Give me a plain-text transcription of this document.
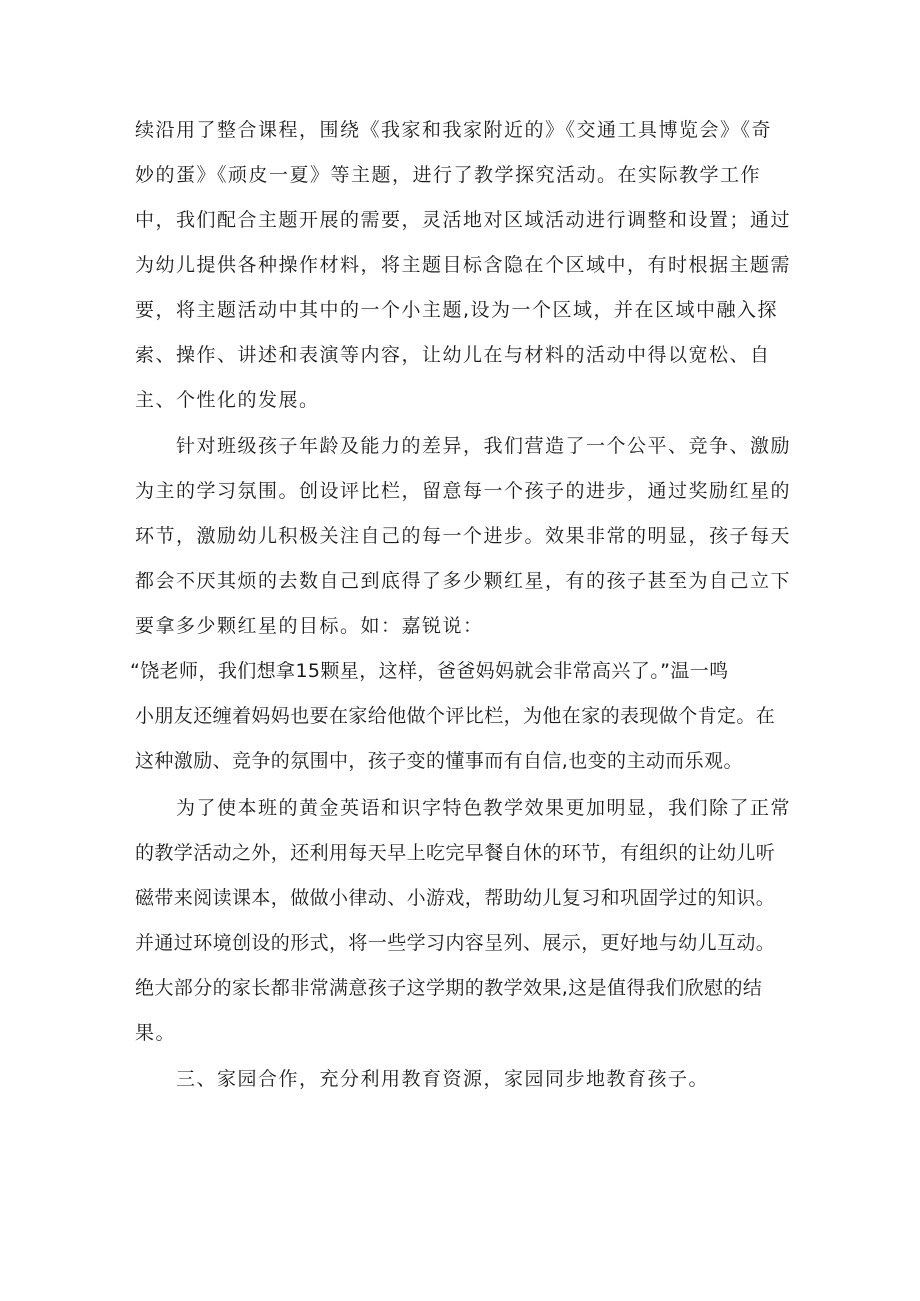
续沿用了整合课程，围绕《我家和我家附近的》《交通工具博览会》《奇
妙的蛋》《顽皮一夏》等主题，进行了教学探究活动。在实际教学工作
中，我们配合主题开展的需要，灵活地对区域活动进行调整和设置；通过
为幼儿提供各种操作材料，将主题目标含隐在个区域中，有时根据主题需
要，将主题活动中其中的一个小主题,设为一个区域，并在区域中融入探
索、操作、讲述和表演等内容，让幼儿在与材料的活动中得以宽松、自
主、个性化的发展。
针对班级孩子年龄及能力的差异，我们营造了一个公平、竞争、激励
为主的学习氛围。创设评比栏，留意每一个孩子的进步，通过奖励红星的
环节，激励幼儿积极关注自己的每一个进步。效果非常的明显，孩子每天
都会不厌其烦的去数自己到底得了多少颗红星，有的孩子甚至为自己立下
要拿多少颗红星的目标。如：嘉锐说：
“饶老师，我们想拿15颗星，这样，爸爸妈妈就会非常高兴了。”温一鸣
小朋友还缠着妈妈也要在家给他做个评比栏，为他在家的表现做个肯定。在
这种激励、竞争的氛围中，孩子变的懂事而有自信,也变的主动而乐观。
为了使本班的黄金英语和识字特色教学效果更加明显，我们除了正常
的教学活动之外，还利用每天早上吃完早餐自休的环节，有组织的让幼儿听
磁带来阅读课本，做做小律动、小游戏，帮助幼儿复习和巩固学过的知识。
并通过环境创设的形式，将一些学习内容呈列、展示，更好地与幼儿互动。
绝大部分的家长都非常满意孩子这学期的教学效果,这是值得我们欣慰的结
果。
三、家园合作，充分利用教育资源，家园同步地教育孩子。
